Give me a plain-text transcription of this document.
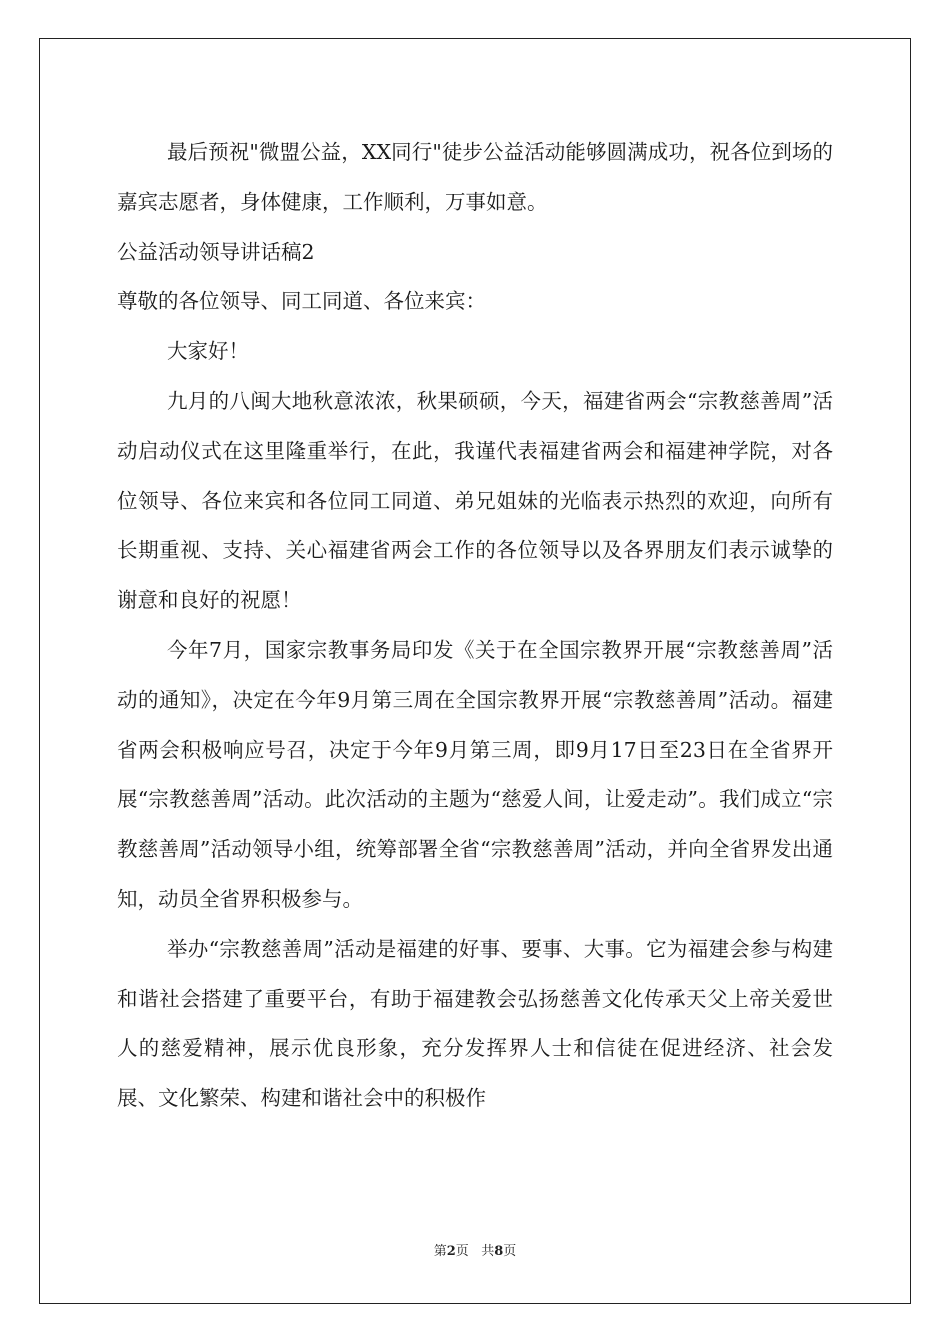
最后预祝"微盟公益，XX同行"徒步公益活动能够圆满成功，祝各位到场的嘉宾志愿者，身体健康，工作顺利，万事如意。

公益活动领导讲话稿2

尊敬的各位领导、同工同道、各位来宾：

大家好！

九月的八闽大地秋意浓浓，秋果硕硕，今天，福建省两会“宗教慈善周”活动启动仪式在这里隆重举行，在此，我谨代表福建省两会和福建神学院，对各位领导、各位来宾和各位同工同道、弟兄姐妹的光临表示热烈的欢迎，向所有长期重视、支持、关心福建省两会工作的各位领导以及各界朋友们表示诚挚的谢意和良好的祝愿！

今年7月，国家宗教事务局印发《关于在全国宗教界开展“宗教慈善周”活动的通知》，决定在今年9月第三周在全国宗教界开展“宗教慈善周”活动。福建省两会积极响应号召，决定于今年9月第三周，即9月17日至23日在全省界开展“宗教慈善周”活动。此次活动的主题为“慈爱人间，让爱走动”。我们成立“宗教慈善周”活动领导小组，统筹部署全省“宗教慈善周”活动，并向全省界发出通知，动员全省界积极参与。

举办“宗教慈善周”活动是福建的好事、要事、大事。它为福建会参与构建和谐社会搭建了重要平台，有助于福建教会弘扬慈善文化传承天父上帝关爱世人的慈爱精神，展示优良形象，充分发挥界人士和信徒在促进经济、社会发展、文化繁荣、构建和谐社会中的积极作

第2页 共8页
